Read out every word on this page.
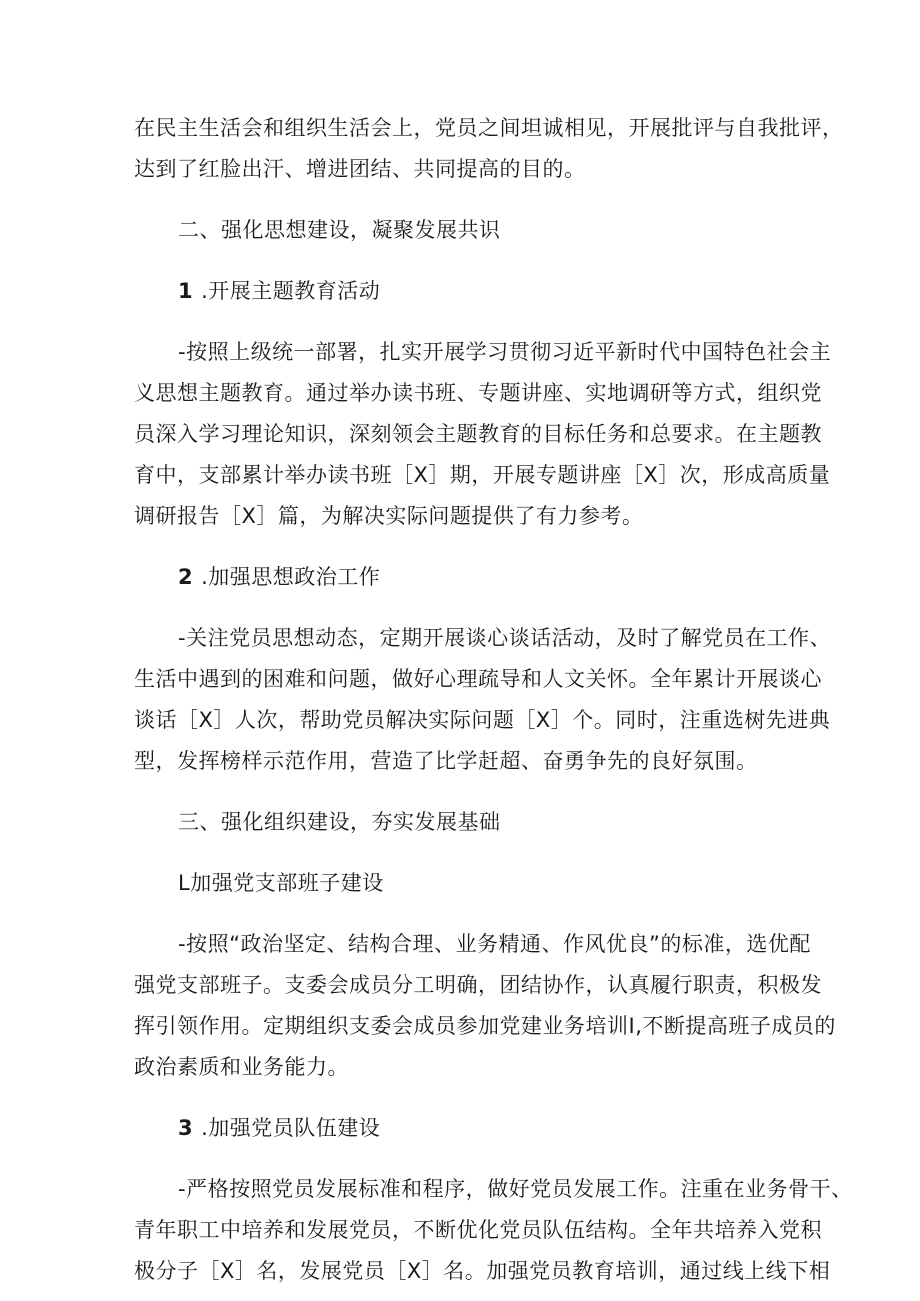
在民主生活会和组织生活会上，党员之间坦诚相见，开展批评与自我批评，
达到了红脸出汗、增进团结、共同提高的目的。
二、强化思想建设，凝聚发展共识
1 .开展主题教育活动
-按照上级统一部署，扎实开展学习贯彻习近平新时代中国特色社会主
义思想主题教育。通过举办读书班、专题讲座、实地调研等方式，组织党
员深入学习理论知识，深刻领会主题教育的目标任务和总要求。在主题教
育中，支部累计举办读书班［X］期，开展专题讲座［X］次，形成高质量
调研报告［X］篇，为解决实际问题提供了有力参考。
2 .加强思想政治工作
-关注党员思想动态，定期开展谈心谈话活动，及时了解党员在工作、
生活中遇到的困难和问题，做好心理疏导和人文关怀。全年累计开展谈心
谈话［X］人次，帮助党员解决实际问题［X］个。同时，注重选树先进典
型，发挥榜样示范作用，营造了比学赶超、奋勇争先的良好氛围。
三、强化组织建设，夯实发展基础
L加强党支部班子建设
-按照“政治坚定、结构合理、业务精通、作风优良”的标准，选优配
强党支部班子。支委会成员分工明确，团结协作，认真履行职责，积极发
挥引领作用。定期组织支委会成员参加党建业务培训I,不断提高班子成员的
政治素质和业务能力。
3 .加强党员队伍建设
-严格按照党员发展标准和程序，做好党员发展工作。注重在业务骨干、
青年职工中培养和发展党员，不断优化党员队伍结构。全年共培养入党积
极分子［X］名，发展党员［X］名。加强党员教育培训，通过线上线下相
